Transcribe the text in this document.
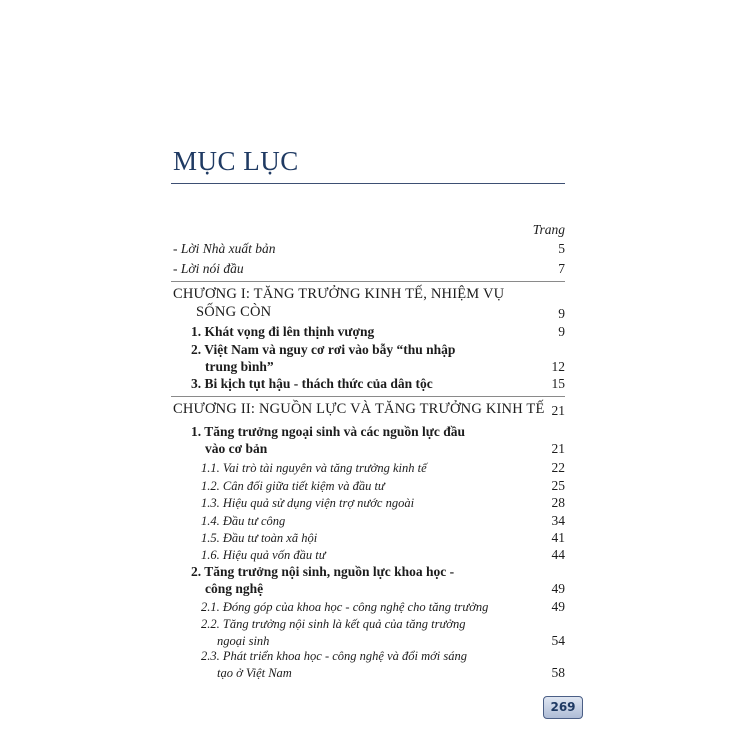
MỤC LỤC
Trang
- Lời Nhà xuất bản	5
- Lời nói đầu	7
CHƯƠNG I: TĂNG TRƯỞNG KINH TẾ, NHIỆM VỤ
SỐNG CÒN	9
1. Khát vọng đi lên thịnh vượng	9
2. Việt Nam và nguy cơ rơi vào bẫy “thu nhập
trung bình”	12
3. Bi kịch tụt hậu - thách thức của dân tộc	15
CHƯƠNG II: NGUỒN LỰC VÀ TĂNG TRƯỞNG KINH TẾ 21
1. Tăng trưởng ngoại sinh và các nguồn lực đầu
vào cơ bản	21
1.1. Vai trò tài nguyên và tăng trưởng kinh tế	22
1.2. Cân đối giữa tiết kiệm và đầu tư	25
1.3. Hiệu quả sử dụng viện trợ nước ngoài	28
1.4. Đầu tư công	34
1.5. Đầu tư toàn xã hội	41
1.6. Hiệu quả vốn đầu tư	44
2. Tăng trưởng nội sinh, nguồn lực khoa học -
công nghệ	49
2.1. Đóng góp của khoa học - công nghệ cho tăng trưởng	49
2.2. Tăng trưởng nội sinh là kết quả của tăng trưởng
ngoại sinh	54
2.3. Phát triển khoa học - công nghệ và đổi mới sáng
tạo ở Việt Nam	58
269
